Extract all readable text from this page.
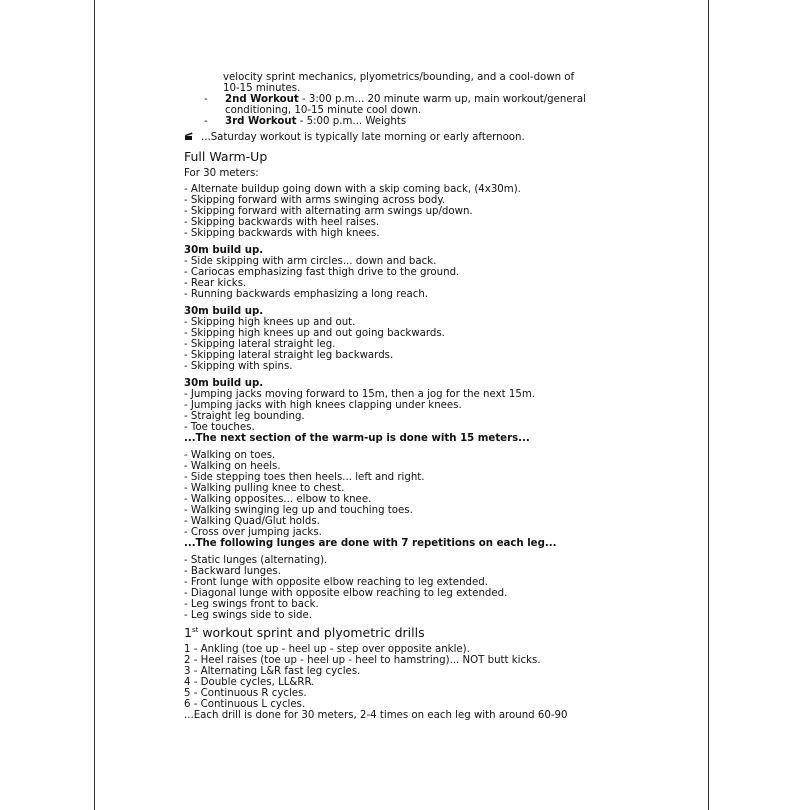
velocity sprint mechanics, plyometrics/bounding, and a cool-down of
10-15 minutes.
-	2nd Workout - 3:00 p.m... 20 minute warm up, main workout/general
conditioning, 10-15 minute cool down.
-	3rd Workout - 5:00 p.m... Weights
...Saturday workout is typically late morning or early afternoon.
Full Warm-Up
For 30 meters:
- Alternate buildup going down with a skip coming back, (4x30m).
- Skipping forward with arms swinging across body.
- Skipping forward with alternating arm swings up/down.
- Skipping backwards with heel raises.
- Skipping backwards with high knees.
30m build up.
- Side skipping with arm circles... down and back.
- Cariocas emphasizing fast thigh drive to the ground.
- Rear kicks.
- Running backwards emphasizing a long reach.
30m build up.
- Skipping high knees up and out.
- Skipping high knees up and out going backwards.
- Skipping lateral straight leg.
- Skipping lateral straight leg backwards.
- Skipping with spins.
30m build up.
- Jumping jacks moving forward to 15m, then a jog for the next 15m.
- Jumping jacks with high knees clapping under knees.
- Straight leg bounding.
- Toe touches.
...The next section of the warm-up is done with 15 meters...
- Walking on toes.
- Walking on heels.
- Side stepping toes then heels... left and right.
- Walking pulling knee to chest.
- Walking opposites... elbow to knee.
- Walking swinging leg up and touching toes.
- Walking Quad/Glut holds.
- Cross over jumping jacks.
...The following lunges are done with 7 repetitions on each leg...
- Static lunges (alternating).
- Backward lunges.
- Front lunge with opposite elbow reaching to leg extended.
- Diagonal lunge with opposite elbow reaching to leg extended.
- Leg swings front to back.
- Leg swings side to side.
1st workout sprint and plyometric drills
1 - Ankling (toe up - heel up - step over opposite ankle).
2 - Heel raises (toe up - heel up - heel to hamstring)... NOT butt kicks.
3 - Alternating L&R fast leg cycles.
4 - Double cycles, LL&RR.
5 - Continuous R cycles.
6 - Continuous L cycles.
...Each drill is done for 30 meters, 2-4 times on each leg with around 60-90
